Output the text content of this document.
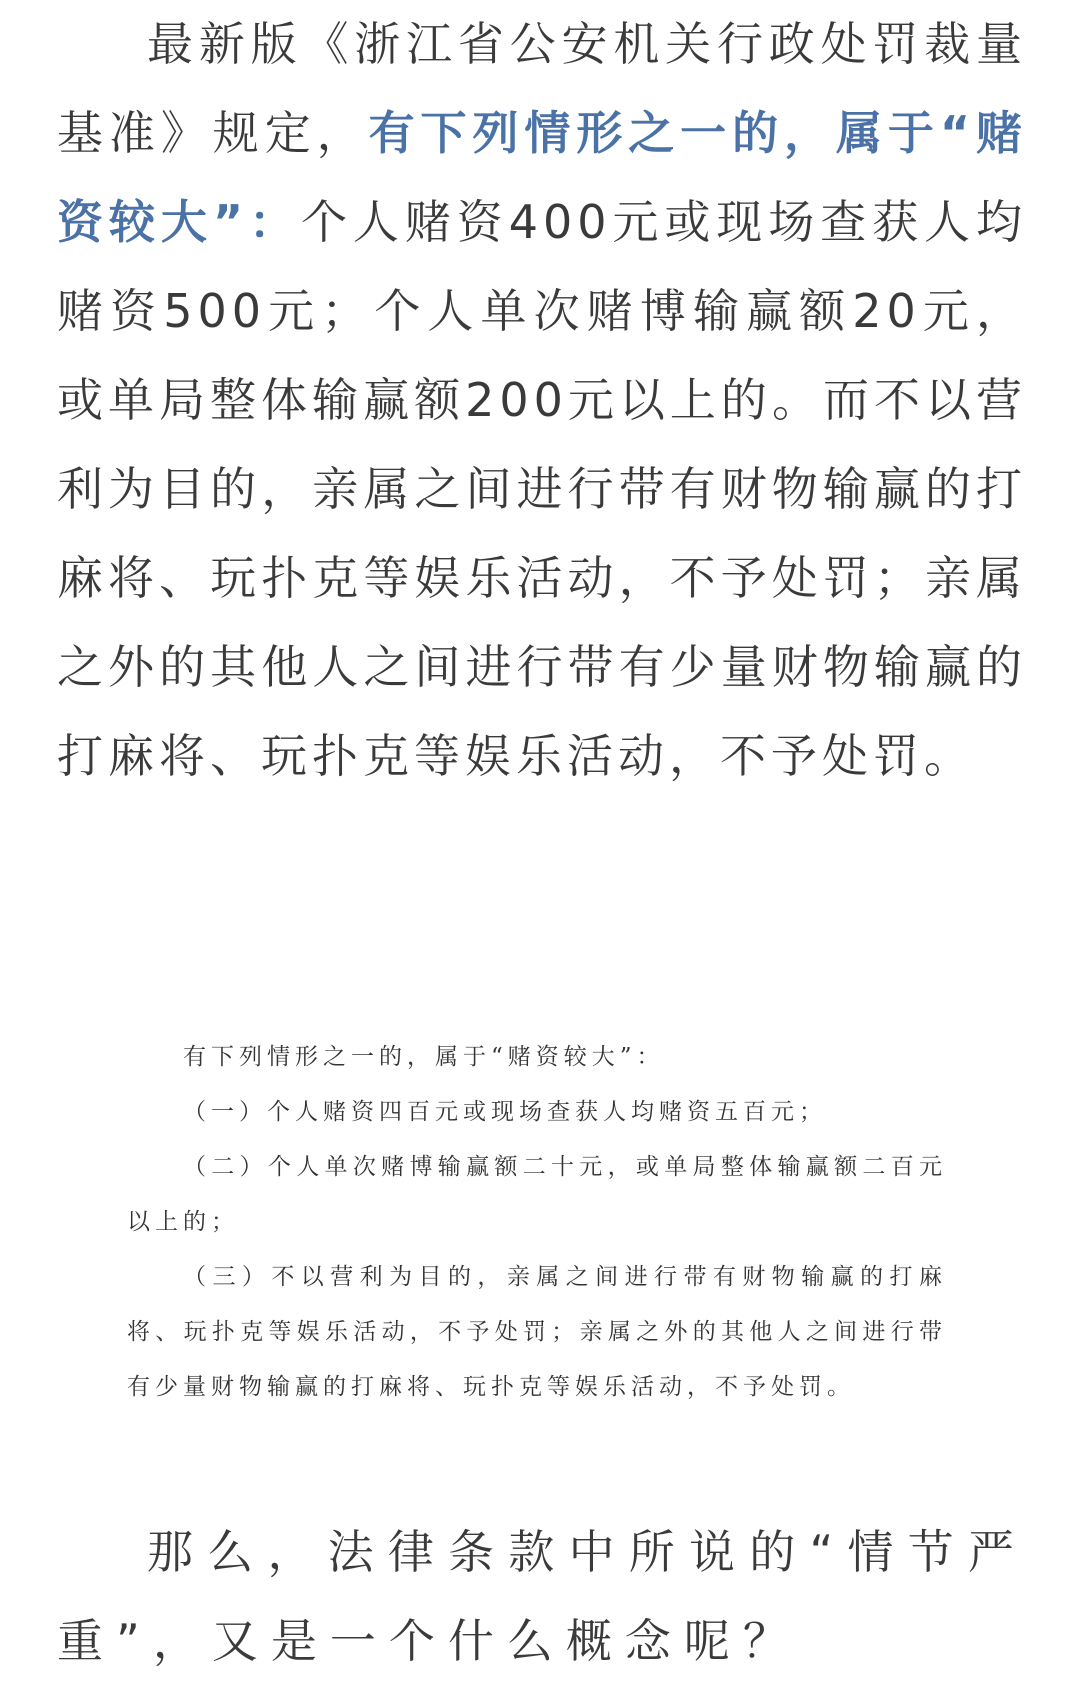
最新版《浙江省公安机关行政处罚裁量基准》规定，有下列情形之一的，属于“赌资较大”：个人赌资400元或现场查获人均赌资500元；个人单次赌博输赢额20元，或单局整体输赢额200元以上的。而不以营利为目的，亲属之间进行带有财物输赢的打麻将、玩扑克等娱乐活动，不予处罚；亲属之外的其他人之间进行带有少量财物输赢的打麻将、玩扑克等娱乐活动，不予处罚。

有下列情形之一的，属于“赌资较大”：

（一）个人赌资四百元或现场查获人均赌资五百元；

（二）个人单次赌博输赢额二十元，或单局整体输赢额二百元以上的；

（三）不以营利为目的，亲属之间进行带有财物输赢的打麻将、玩扑克等娱乐活动，不予处罚；亲属之外的其他人之间进行带有少量财物输赢的打麻将、玩扑克等娱乐活动，不予处罚。

那么，法律条款中所说的“情节严重”，又是一个什么概念呢？
